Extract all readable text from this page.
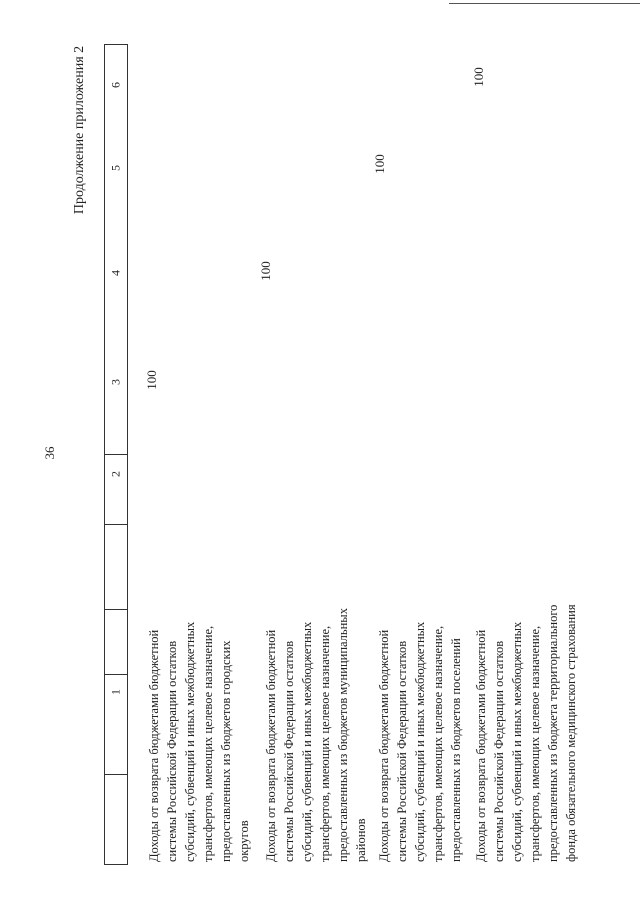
36
Продолжение приложения 2 6
5
4
3
2
1 Доходы от возврата бюджетами бюджетной системы Российской Федерации остатков субсидий, субвенций и иных межбюджетных трансфертов, имеющих целевое назначение, предоставленных из бюджетов городских округов
100
Доходы от возврата бюджетами бюджетной системы Российской Федерации остатков субсидий, субвенций и иных межбюджетных трансфертов, имеющих целевое назначение, предоставленных из бюджетов муниципальных районов
100
Доходы от возврата бюджетами бюджетной системы Российской Федерации остатков субсидий, субвенций и иных межбюджетных трансфертов, имеющих целевое назначение, предоставленных из бюджетов поселений
100
Доходы от возврата бюджетами бюджетной системы Российской Федерации остатков субсидий, субвенций и иных межбюджетных трансфертов, имеющих целевое назначение, предоставленных из бюджета территориального фонда обязательного медицинского страхования
100
